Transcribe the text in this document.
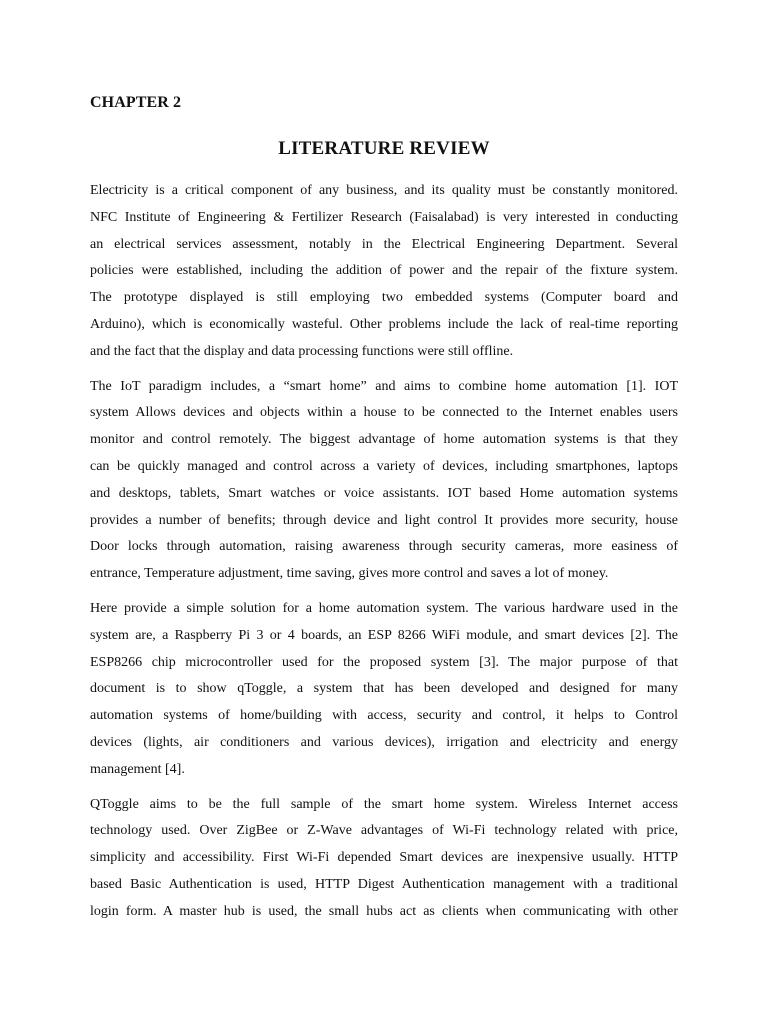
CHAPTER 2
LITERATURE REVIEW

Electricity is a critical component of any business, and its quality must be constantly monitored.
NFC Institute of Engineering & Fertilizer Research (Faisalabad) is very interested in conducting
an electrical services assessment, notably in the Electrical Engineering Department. Several
policies were established, including the addition of power and the repair of the fixture system.
The prototype displayed is still employing two embedded systems (Computer board and
Arduino), which is economically wasteful. Other problems include the lack of real-time reporting
and the fact that the display and data processing functions were still offline.

The IoT paradigm includes, a “smart home” and aims to combine home automation [1]. IOT
system Allows devices and objects within a house to be connected to the Internet enables users
monitor and control remotely. The biggest advantage of home automation systems is that they
can be quickly managed and control across a variety of devices, including smartphones, laptops
and desktops, tablets, Smart watches or voice assistants. IOT based Home automation systems
provides a number of benefits; through device and light control It provides more security, house
Door locks through automation, raising awareness through security cameras, more easiness of
entrance, Temperature adjustment, time saving, gives more control and saves a lot of money.

Here provide a simple solution for a home automation system. The various hardware used in the
system are, a Raspberry Pi 3 or 4 boards, an ESP 8266 WiFi module, and smart devices [2]. The
ESP8266 chip microcontroller used for the proposed system [3]. The major purpose of that
document is to show qToggle, a system that has been developed and designed for many
automation systems of home/building with access, security and control, it helps to Control
devices (lights, air conditioners and various devices), irrigation and electricity and energy
management [4].

QToggle aims to be the full sample of the smart home system. Wireless Internet access
technology used. Over ZigBee or Z-Wave advantages of Wi-Fi technology related with price,
simplicity and accessibility. First Wi-Fi depended Smart devices are inexpensive usually. HTTP
based Basic Authentication is used, HTTP Digest Authentication management with a traditional
login form. A master hub is used, the small hubs act as clients when communicating with other
